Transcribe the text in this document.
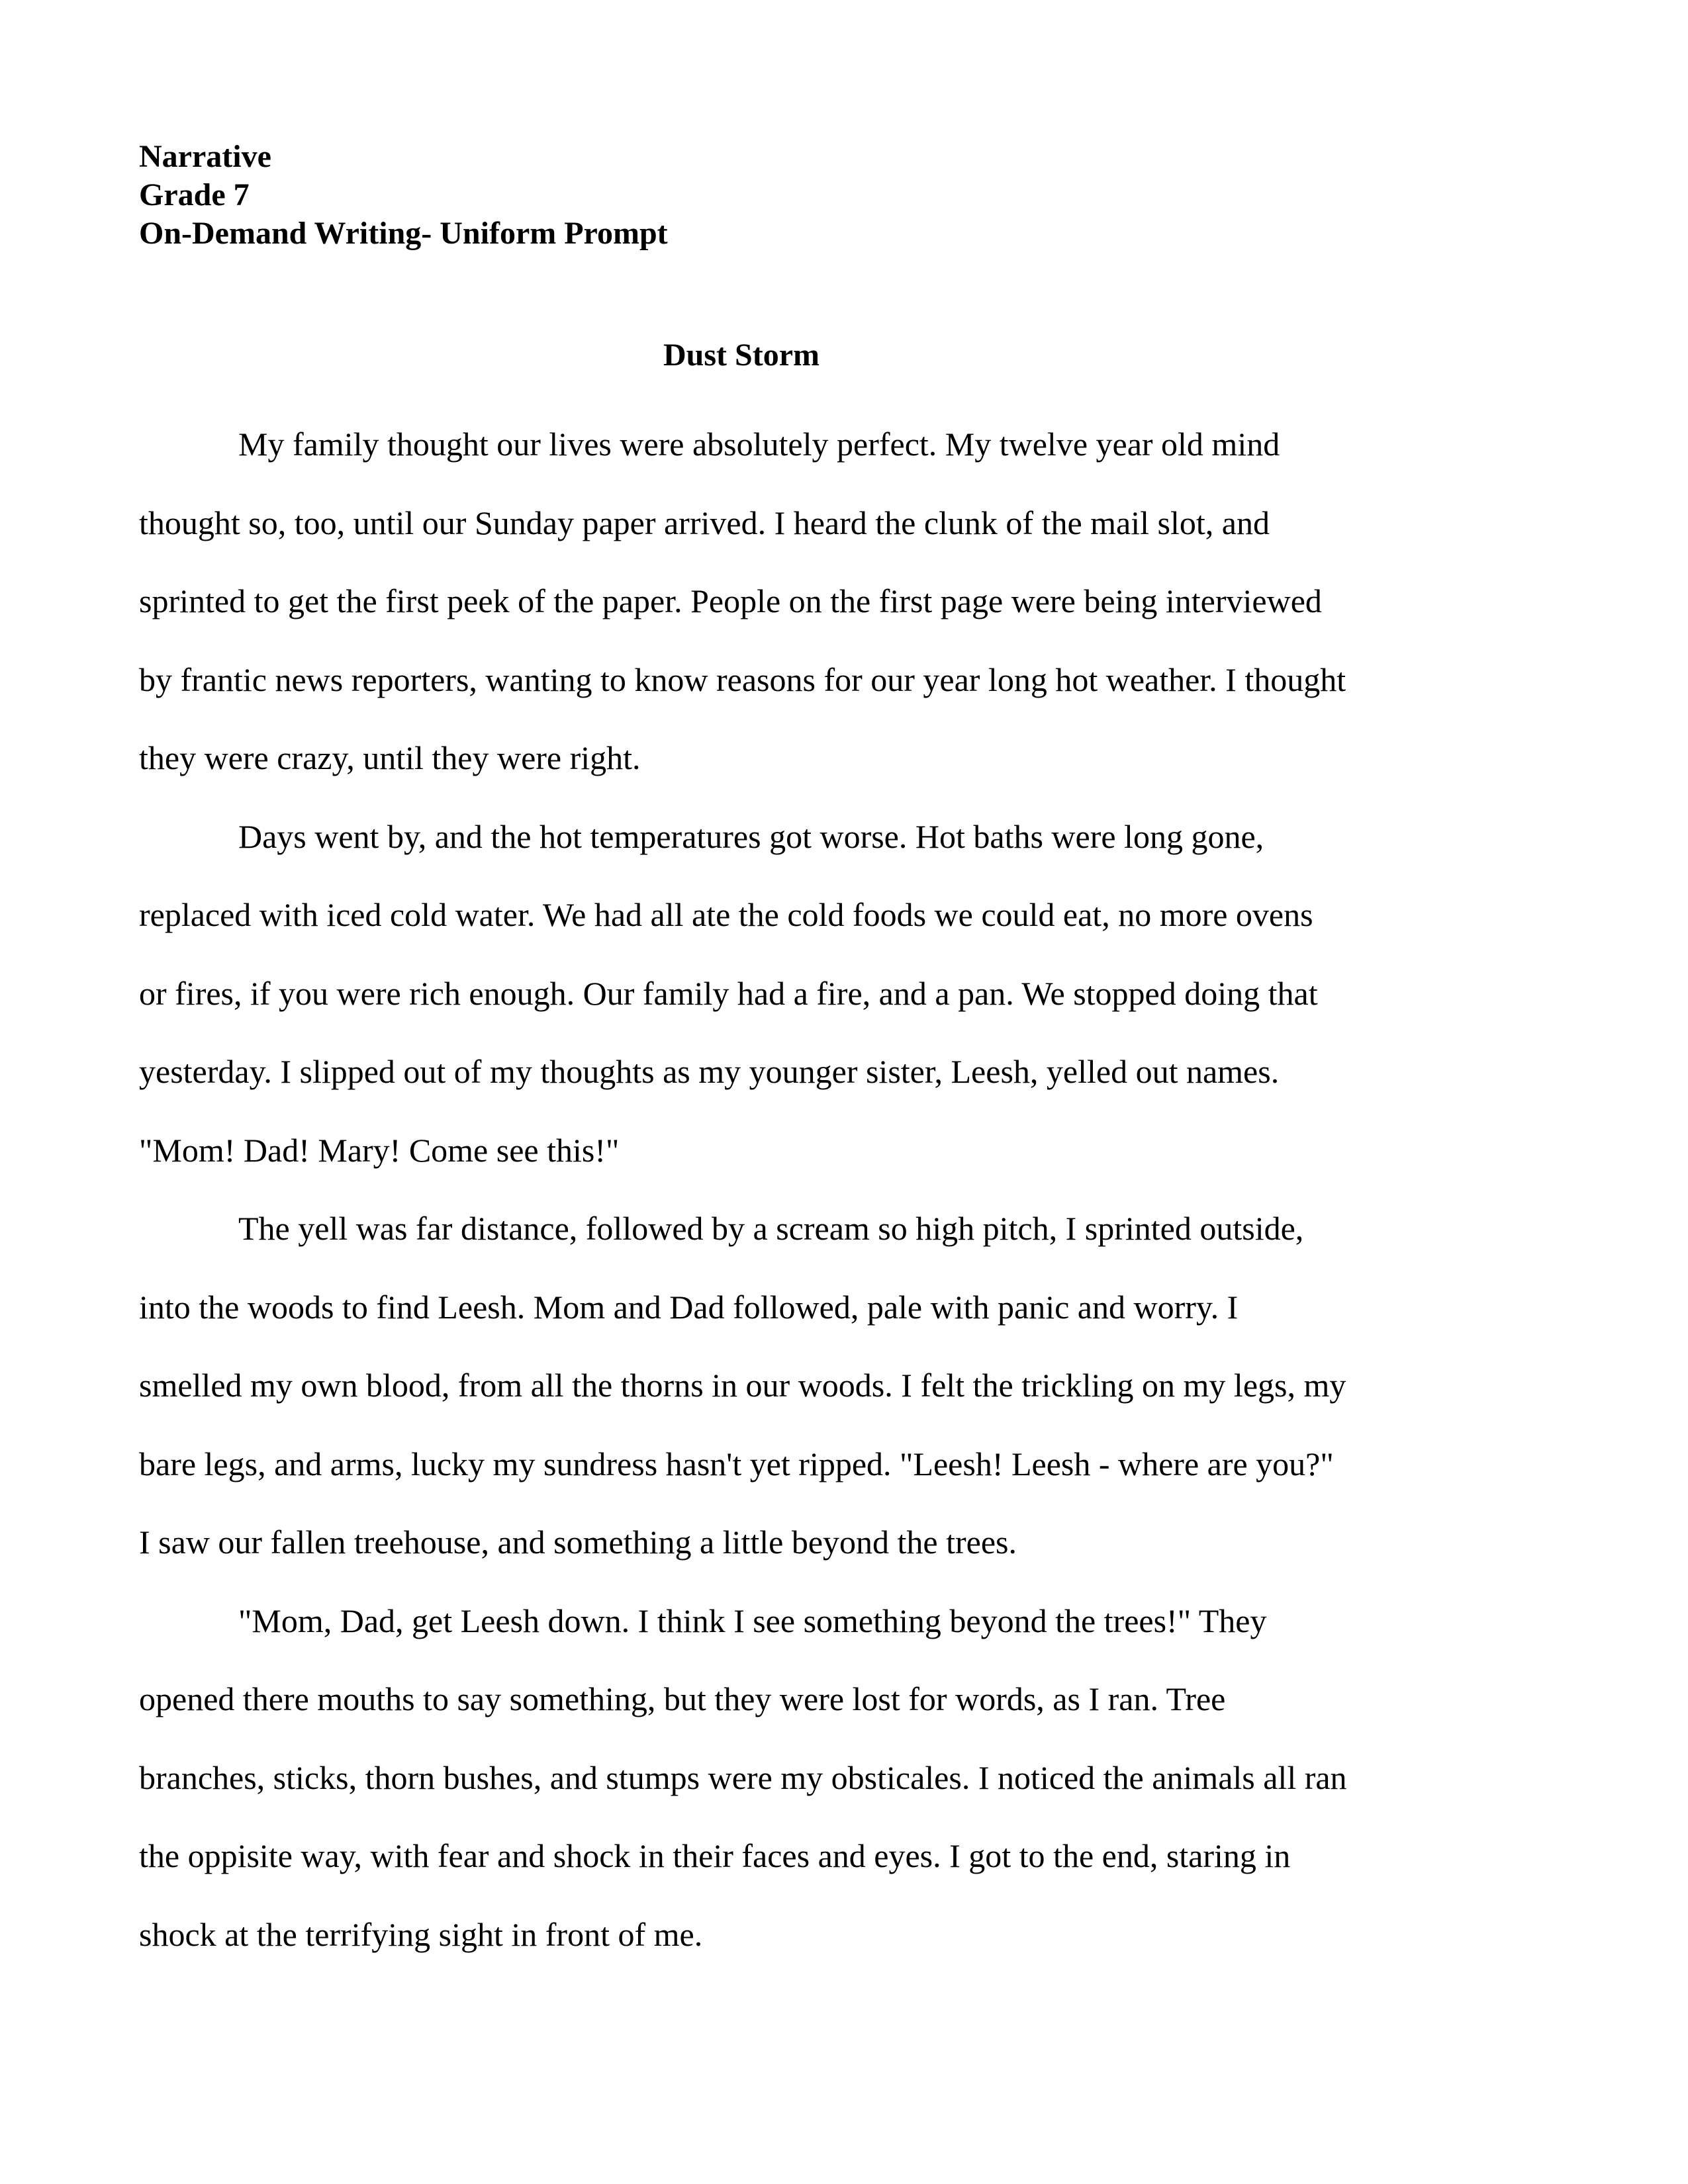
Narrative
Grade 7
On-Demand Writing- Uniform Prompt
Dust Storm
My family thought our lives were absolutely perfect. My twelve year old mind
thought so, too, until our Sunday paper arrived. I heard the clunk of the mail slot, and
sprinted to get the first peek of the paper. People on the first page were being interviewed
by frantic news reporters, wanting to know reasons for our year long hot weather. I thought
they were crazy, until they were right.
Days went by, and the hot temperatures got worse. Hot baths were long gone,
replaced with iced cold water. We had all ate the cold foods we could eat, no more ovens
or fires, if you were rich enough. Our family had a fire, and a pan. We stopped doing that
yesterday. I slipped out of my thoughts as my younger sister, Leesh, yelled out names.
"Mom! Dad! Mary! Come see this!"
The yell was far distance, followed by a scream so high pitch, I sprinted outside,
into the woods to find Leesh. Mom and Dad followed, pale with panic and worry. I
smelled my own blood, from all the thorns in our woods. I felt the trickling on my legs, my
bare legs, and arms, lucky my sundress hasn't yet ripped. "Leesh! Leesh - where are you?"
I saw our fallen treehouse, and something a little beyond the trees.
"Mom, Dad, get Leesh down. I think I see something beyond the trees!" They
opened there mouths to say something, but they were lost for words, as I ran. Tree
branches, sticks, thorn bushes, and stumps were my obsticales. I noticed the animals all ran
the oppisite way, with fear and shock in their faces and eyes. I got to the end, staring in
shock at the terrifying sight in front of me.
